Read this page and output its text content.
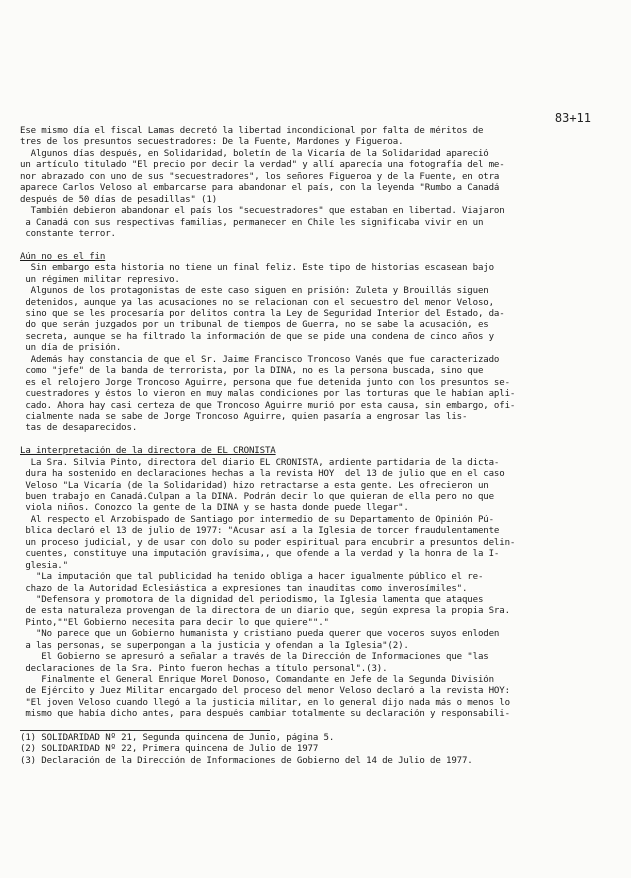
83+11
Ese mismo día el fiscal Lamas decretó la libertad incondicional por falta de méritos de
tres de los presuntos secuestradores: De la Fuente, Mardones y Figueroa.
Algunos días después, en Solidaridad, boletín de la Vicaría de la Solidaridad apareció
un artículo titulado "El precio por decir la verdad" y allí aparecía una fotografía del me-
nor abrazado con uno de sus "secuestradores", los señores Figueroa y de la Fuente, en otra
aparece Carlos Veloso al embarcarse para abandonar el país, con la leyenda "Rumbo a Canadá
después de 50 días de pesadillas" (1)
También debieron abandonar el país los "secuestradores" que estaban en libertad. Viajaron
a Canadá con sus respectivas familias, permanecer en Chile les significaba vivir en un
constante terror.
Aún no es el fin
Sin embargo esta historia no tiene un final feliz. Este tipo de historias escasean bajo
un régimen militar represivo.
Algunos de los protagonistas de este caso siguen en prisión: Zuleta y Brouillás siguen
detenidos, aunque ya las acusaciones no se relacionan con el secuestro del menor Veloso,
sino que se les procesaría por delitos contra la Ley de Seguridad Interior del Estado, da-
do que serán juzgados por un tribunal de tiempos de Guerra, no se sabe la acusación, es
secreta, aunque se ha filtrado la información de que se pide una condena de cinco años y
un día de prisión.
Además hay constancia de que el Sr. Jaime Francisco Troncoso Vanés que fue caracterizado
como "jefe" de la banda de terrorista, por la DINA, no es la persona buscada, sino que
es el relojero Jorge Troncoso Aguirre, persona que fue detenida junto con los presuntos se-
cuestradores y éstos lo vieron en muy malas condiciones por las torturas que le habían apli-
cado. Ahora hay casi certeza de que Troncoso Aguirre murió por esta causa, sin embargo, ofi-
cialmente nada se sabe de Jorge Troncoso Aguirre, quien pasaría a engrosar las lis-
tas de desaparecidos.
La interpretación de la directora de EL CRONISTA
La Sra. Silvia Pinto, directora del diario EL CRONISTA, ardiente partidaria de la dicta-
dura ha sostenido en declaraciones hechas a la revista HOY  del 13 de julio que en el caso
Veloso "La Vicaría (de la Solidaridad) hizo retractarse a esta gente. Les ofrecieron un
buen trabajo en Canadá.Culpan a la DINA. Podrán decir lo que quieran de ella pero no que
viola niños. Conozco la gente de la DINA y se hasta donde puede llegar".
Al respecto el Arzobispado de Santiago por intermedio de su Departamento de Opinión Pú-
blica declaró el 13 de julio de 1977: "Acusar así a la Iglesia de torcer fraudulentamente
un proceso judicial, y de usar con dolo su poder espiritual para encubrir a presuntos delin-
cuentes, constituye una imputación gravísima,, que ofende a la verdad y la honra de la I-
glesia."
"La imputación que tal publicidad ha tenido obliga a hacer igualmente público el re-
chazo de la Autoridad Eclesiástica a expresiones tan inauditas como inverosímiles".
"Defensora y promotora de la dignidad del periodismo, la Iglesia lamenta que ataques
de esta naturaleza provengan de la directora de un diario que, según expresa la propia Sra.
Pinto,""El Gobierno necesita para decir lo que quiere""."
"No parece que un Gobierno humanista y cristiano pueda querer que voceros suyos enloden
a las personas, se superpongan a la justicia y ofendan a la Iglesia"(2).
El Gobierno se apresuró a señalar a través de la Dirección de Informaciones que "las
declaraciones de la Sra. Pinto fueron hechas a título personal".(3).
Finalmente el General Enrique Morel Donoso, Comandante en Jefe de la Segunda División
de Ejército y Juez Militar encargado del proceso del menor Veloso declaró a la revista HOY:
"El joven Veloso cuando llegó a la justicia militar, en lo general dijo nada más o menos lo
mismo que había dicho antes, para después cambiar totalmente su declaración y responsabili-
(1) SOLIDARIDAD Nº 21, Segunda quincena de Junio, página 5.
(2) SOLIDARIDAD Nº 22, Primera quincena de Julio de 1977
(3) Declaración de la Dirección de Informaciones de Gobierno del 14 de Julio de 1977.
